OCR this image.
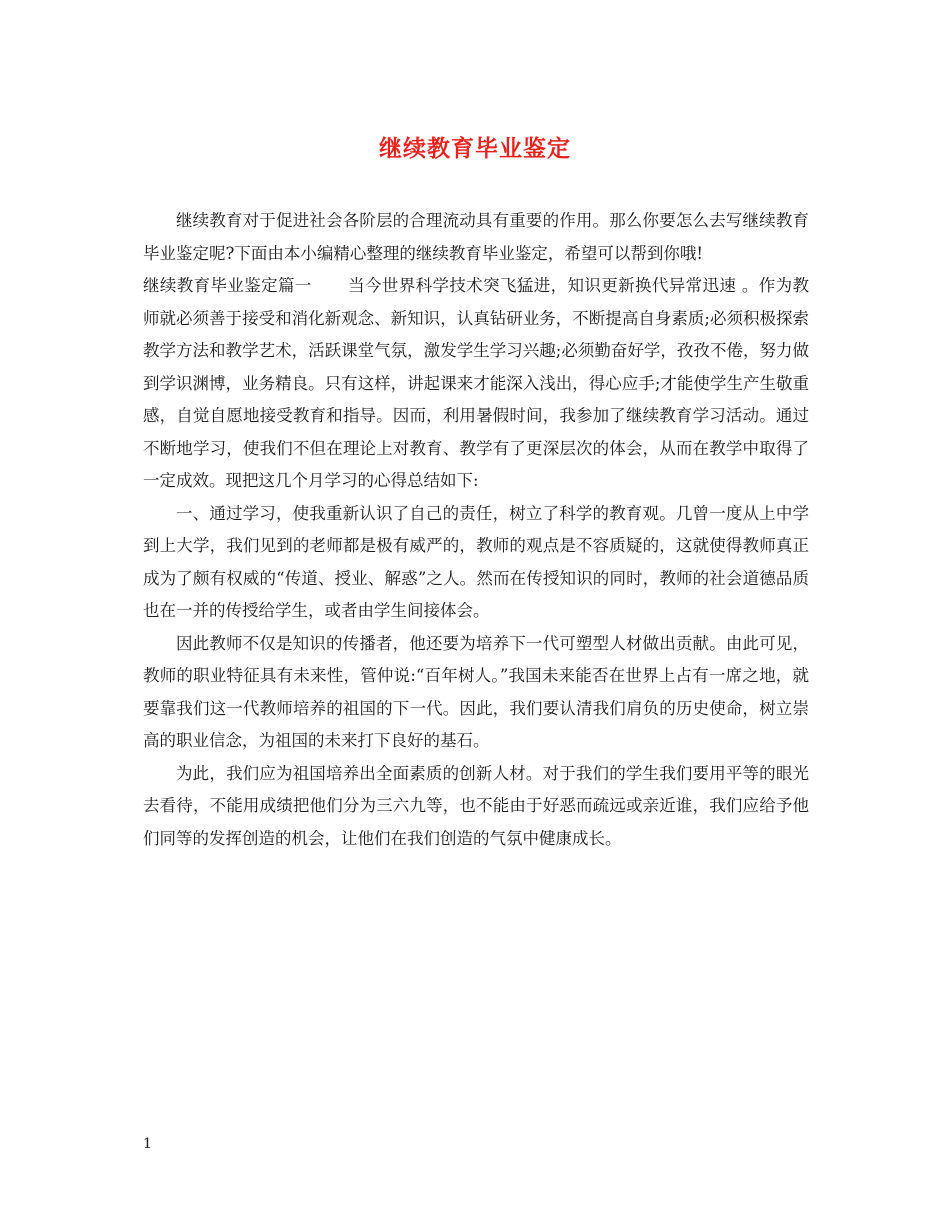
继续教育毕业鉴定

继续教育对于促进社会各阶层的合理流动具有重要的作用。那么你要怎么去写继续教育毕业鉴定呢?下面由本小编精心整理的继续教育毕业鉴定，希望可以帮到你哦!

继续教育毕业鉴定篇一 当今世界科学技术突飞猛进，知识更新换代异常迅速 。作为教师就必须善于接受和消化新观念、新知识，认真钻研业务，不断提高自身素质;必须积极探索教学方法和教学艺术，活跃课堂气氛，激发学生学习兴趣;必须勤奋好学，孜孜不倦，努力做到学识渊博，业务精良。只有这样，讲起课来才能深入浅出，得心应手;才能使学生产生敬重感，自觉自愿地接受教育和指导。因而，利用暑假时间，我参加了继续教育学习活动。通过不断地学习，使我们不但在理论上对教育、教学有了更深层次的体会，从而在教学中取得了一定成效。现把这几个月学习的心得总结如下:

一、通过学习，使我重新认识了自己的责任，树立了科学的教育观。几曾一度从上中学到上大学，我们见到的老师都是极有威严的，教师的观点是不容质疑的，这就使得教师真正成为了颇有权威的“传道、授业、解惑”之人。然而在传授知识的同时，教师的社会道德品质也在一并的传授给学生，或者由学生间接体会。

因此教师不仅是知识的传播者，他还要为培养下一代可塑型人材做出贡献。由此可见，教师的职业特征具有未来性，管仲说:“百年树人。”我国未来能否在世界上占有一席之地，就要靠我们这一代教师培养的祖国的下一代。因此，我们要认清我们肩负的历史使命，树立崇高的职业信念，为祖国的未来打下良好的基石。

为此，我们应为祖国培养出全面素质的创新人材。对于我们的学生我们要用平等的眼光去看待，不能用成绩把他们分为三六九等，也不能由于好恶而疏远或亲近谁，我们应给予他们同等的发挥创造的机会，让他们在我们创造的气氛中健康成长。

1
